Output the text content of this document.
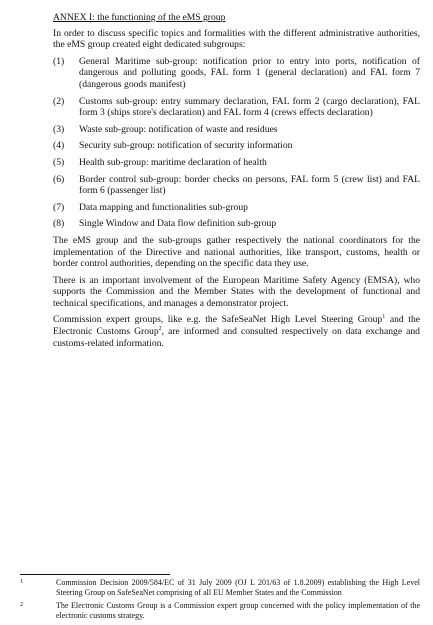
ANNEX I: the functioning of the eMS group

In order to discuss specific topics and formalities with the different administrative authorities, the eMS group created eight dedicated subgroups:

(1)	General Maritime sub-group: notification prior to entry into ports, notification of dangerous and polluting goods, FAL form 1 (general declaration) and FAL form 7 (dangerous goods manifest)
(2)	Customs sub-group: entry summary declaration, FAL form 2 (cargo declaration), FAL form 3 (ships store's declaration) and FAL form 4 (crews effects declaration)
(3)	Waste sub-group: notification of waste and residues
(4)	Security sub-group: notification of security information
(5)	Health sub-group: maritime declaration of health
(6)	Border control sub-group: border checks on persons, FAL form 5 (crew list) and FAL form 6 (passenger list)
(7)	Data mapping and functionalities sub-group
(8)	Single Window and Data flow definition sub-group

The eMS group and the sub-groups gather respectively the national coordinators for the implementation of the Directive and national authorities, like transport, customs, health or border control authorities, depending on the specific data they use.

There is an important involvement of the European Maritime Safety Agency (EMSA), who supports the Commission and the Member States with the development of functional and technical specifications, and manages a demonstrator project.

Commission expert groups, like e.g. the SafeSeaNet High Level Steering Group$^1$ and the Electronic Customs Group$^2$, are informed and consulted respectively on data exchange and customs-related information.

1	Commission Decision 2009/584/EC of 31 July 2009 (OJ L 201/63 of 1.8.2009) establishing the High Level Steering Group on SafeSeaNet comprising of all EU Member States and the Commission
2	The Electronic Customs Group is a Commission expert group concerned with the policy implementation of the electronic customs strategy.
